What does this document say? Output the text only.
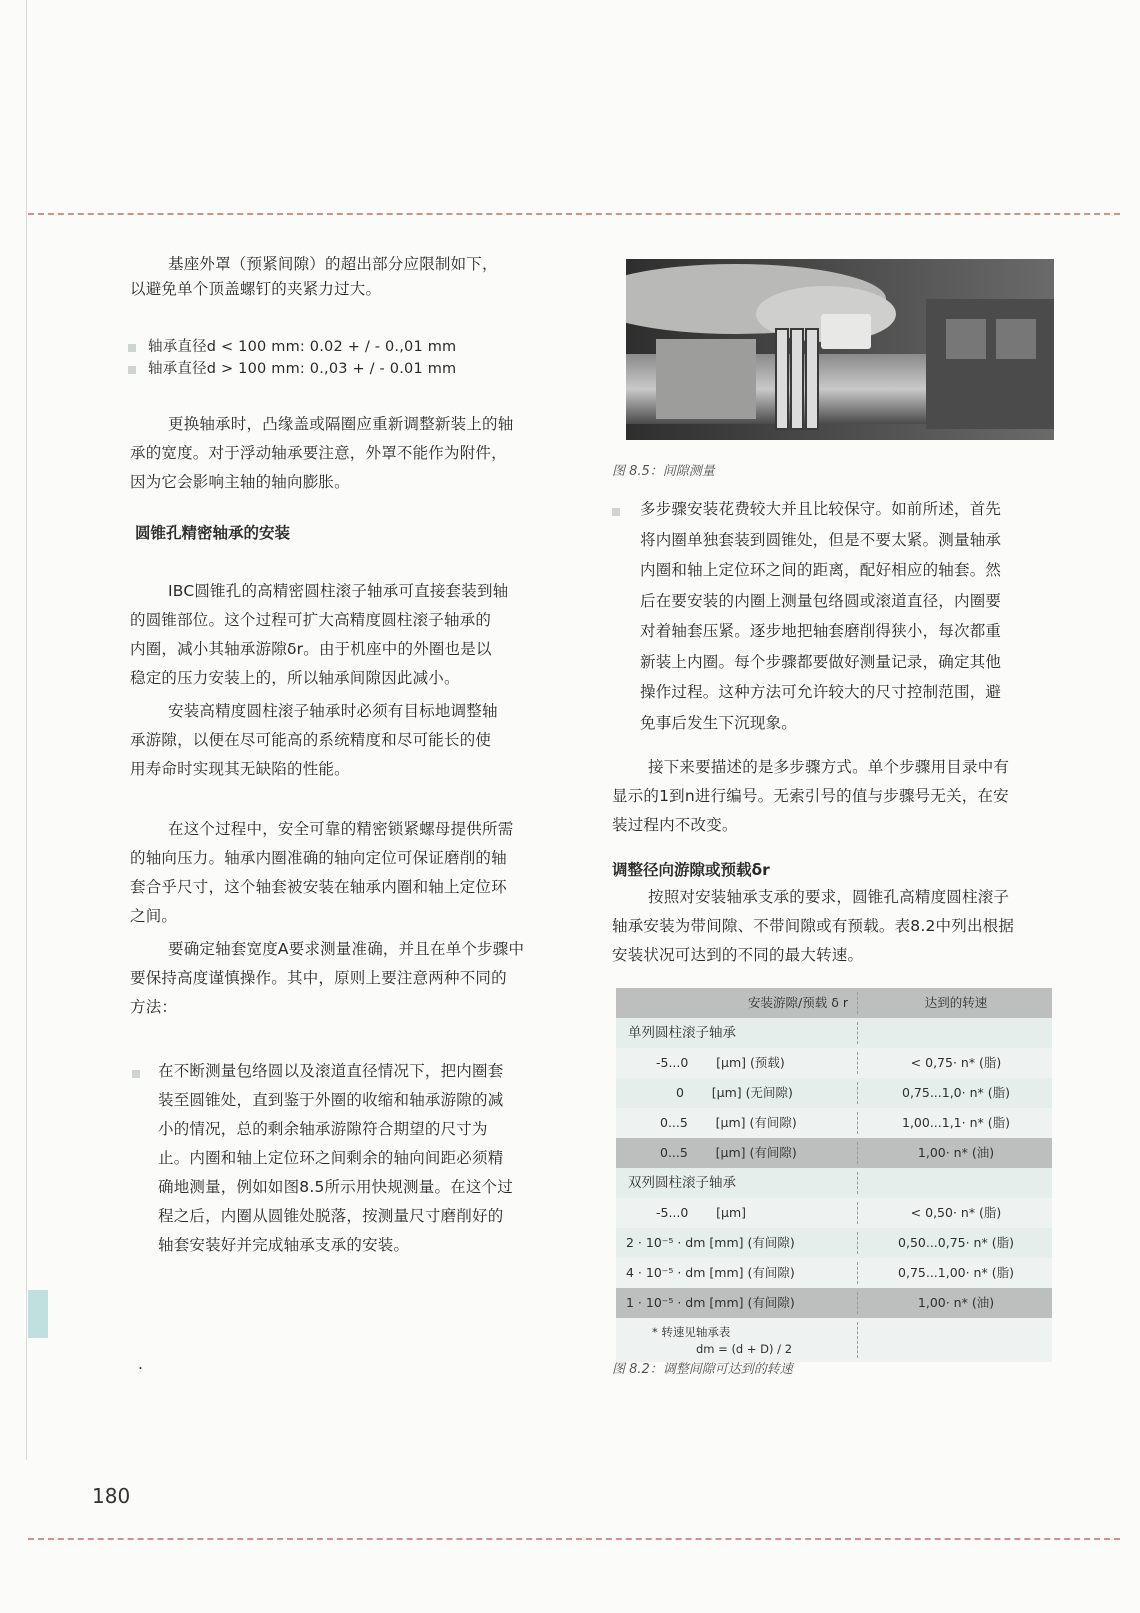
基座外罩（预紧间隙）的超出部分应限制如下，
以避免单个顶盖螺钉的夹紧力过大。
轴承直径d < 100 mm: 0.02 + / - 0.,01 mm
轴承直径d > 100 mm: 0.,03 + / - 0.01 mm
更换轴承时，凸缘盖或隔圈应重新调整新装上的轴
承的宽度。对于浮动轴承要注意，外罩不能作为附件，
因为它会影响主轴的轴向膨胀。
圆锥孔精密轴承的安装
IBC圆锥孔的高精密圆柱滚子轴承可直接套装到轴
的圆锥部位。这个过程可扩大高精度圆柱滚子轴承的
内圈，减小其轴承游隙δr。由于机座中的外圈也是以
稳定的压力安装上的，所以轴承间隙因此减小。
安装高精度圆柱滚子轴承时必须有目标地调整轴
承游隙，以便在尽可能高的系统精度和尽可能长的使
用寿命时实现其无缺陷的性能。
在这个过程中，安全可靠的精密锁紧螺母提供所需
的轴向压力。轴承内圈准确的轴向定位可保证磨削的轴
套合乎尺寸，这个轴套被安装在轴承内圈和轴上定位环
之间。
要确定轴套宽度A要求测量准确，并且在单个步骤中
要保持高度谨慎操作。其中，原则上要注意两种不同的
方法：
在不断测量包络圆以及滚道直径情况下，把内圈套
装至圆锥处，直到鉴于外圈的收缩和轴承游隙的减
小的情况，总的剩余轴承游隙符合期望的尺寸为
止。内圈和轴上定位环之间剩余的轴向间距必须精
确地测量，例如如图8.5所示用快规测量。在这个过
程之后，内圈从圆锥处脱落，按测量尺寸磨削好的
轴套安装好并完成轴承支承的安装。
.
图 8.5：间隙测量
多步骤安装花费较大并且比较保守。如前所述，首先
将内圈单独套装到圆锥处，但是不要太紧。测量轴承
内圈和轴上定位环之间的距离，配好相应的轴套。然
后在要安装的内圈上测量包络圆或滚道直径，内圈要
对着轴套压紧。逐步地把轴套磨削得狭小，每次都重
新装上内圈。每个步骤都要做好测量记录，确定其他
操作过程。这种方法可允许较大的尺寸控制范围，避
免事后发生下沉现象。
接下来要描述的是多步骤方式。单个步骤用目录中有
显示的1到n进行编号。无索引号的值与步骤号无关，在安
装过程内不改变。
调整径向游隙或预载δr
按照对安装轴承支承的要求，圆锥孔高精度圆柱滚子
轴承安装为带间隙、不带间隙或有预载。表8.2中列出根据
安装状况可达到的不同的最大转速。
安装游隙/预载 δ r	达到的转速
单列圆柱滚子轴承
-5...0       [µm] (预载)	< 0,75· n* (脂)
0       [µm] (无间隙)	0,75...1,0· n* (脂)
0...5       [µm] (有间隙)	1,00...1,1· n* (脂)
0...5       [µm] (有间隙)	1,00· n* (油)
双列圆柱滚子轴承
-5...0       [µm]	< 0,50· n* (脂)
2 · 10⁻⁵ · dm [mm] (有间隙)	0,50...0,75· n* (脂)
4 · 10⁻⁵ · dm [mm] (有间隙)	0,75...1,00· n* (脂)
1 · 10⁻⁵ · dm [mm] (有间隙)	1,00· n* (油)
* 转速见轴承表
dm = (d + D) / 2
图 8.2：调整间隙可达到的转速
180
